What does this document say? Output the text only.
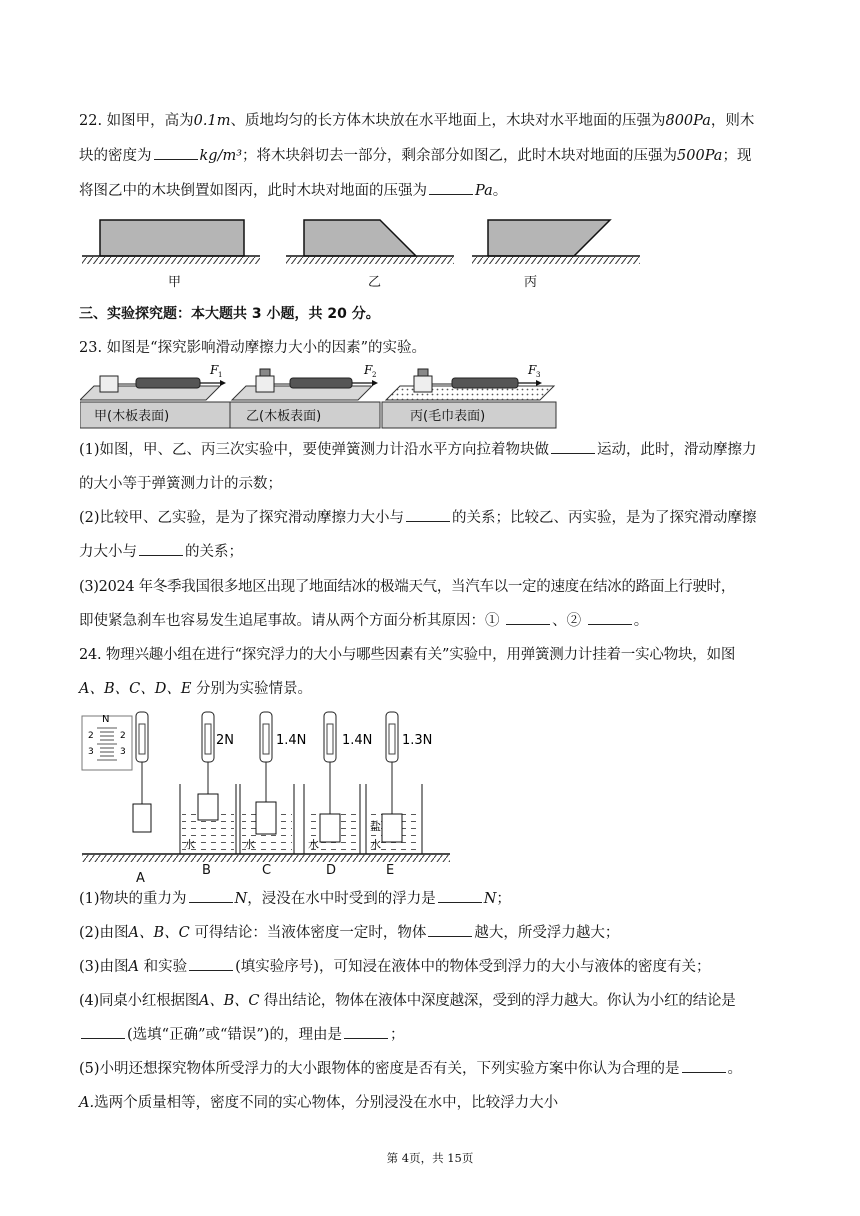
22. 如图甲，高为0.1m、质地均匀的长方体木块放在水平地面上，木块对水平地面的压强为800Pa，则木
块的密度为	kg/m³；将木块斜切去一部分，剩余部分如图乙，此时木块对地面的压强为500Pa；现
将图乙中的木块倒置如图丙，此时木块对地面的压强为	Pa。
甲	乙	丙
三、实验探究题：本大题共 3 小题，共 20 分。
23. 如图是“探究影响滑动摩擦力大小的因素”的实验。
F 1
甲(木板表面)
F 2
乙(木板表面)
F 3
丙(毛巾表面)
(1)如图，甲、乙、丙三次实验中，要使弹簧测力计沿水平方向拉着物块做	运动，此时，滑动摩擦力
的大小等于弹簧测力计的示数；
(2)比较甲、乙实验，是为了探究滑动摩擦力大小与	的关系；比较乙、丙实验，是为了探究滑动摩擦
力大小与	的关系；
(3)2024 年冬季我国很多地区出现了地面结冰的极端天气，当汽车以一定的速度在结冰的路面上行驶时，
即使紧急刹车也容易发生追尾事故。请从两个方面分析其原因：①	、②	。
24. 物理兴趣小组在进行“探究浮力的大小与哪些因素有关”实验中，用弹簧测力计挂着一实心物块，如图
A、B、C、D、E 分别为实验情景。
N
2
3
2
3
2N
水
1.4N
水
1.4N
水
1.3N
盐
水
A
B	C	D	E
(1)物块的重力为	N，浸没在水中时受到的浮力是	N；
(2)由图A、B、C 可得结论：当液体密度一定时，物体	越大，所受浮力越大；
(3)由图A 和实验	(填实验序号)，可知浸在液体中的物体受到浮力的大小与液体的密度有关；
(4)同桌小红根据图A、B、C 得出结论，物体在液体中深度越深，受到的浮力越大。你认为小红的结论是
(选填“正确”或“错误”)的，理由是	；
(5)小明还想探究物体所受浮力的大小跟物体的密度是否有关，下列实验方案中你认为合理的是	。
A.选两个质量相等，密度不同的实心物体，分别浸没在水中，比较浮力大小
第 4页，共 15页
